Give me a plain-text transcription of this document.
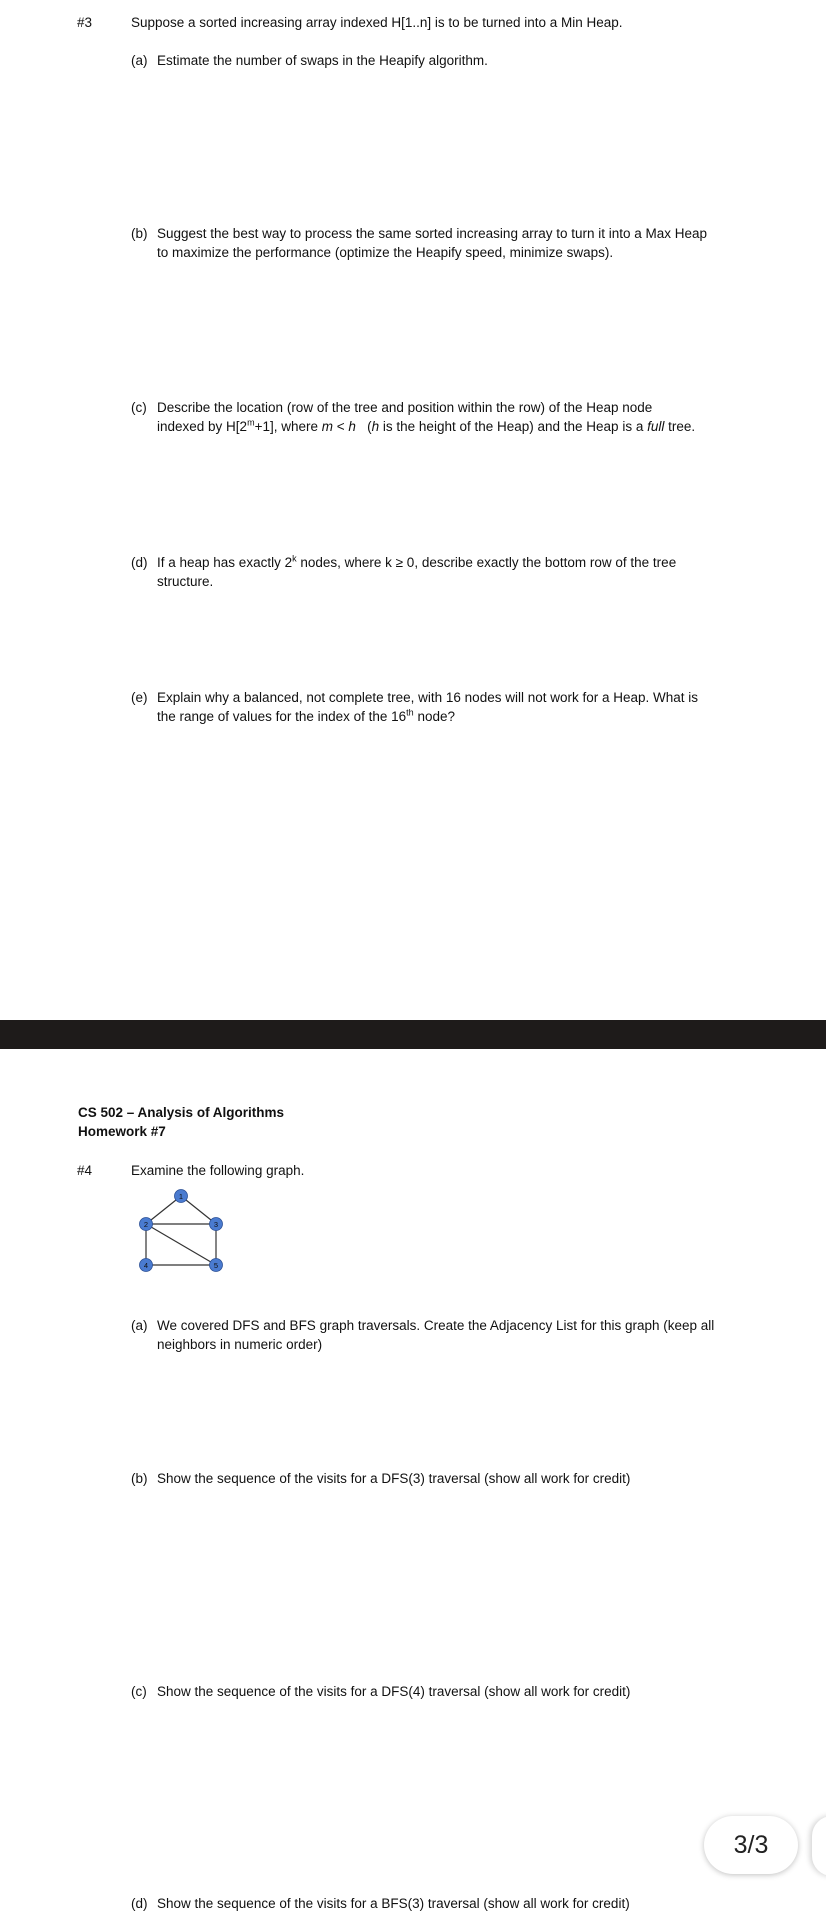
#3	Suppose a sorted increasing array indexed H[1..n] is to be turned into a Min Heap.
(a) Estimate the number of swaps in the Heapify algorithm.
(b) Suggest the best way to process the same sorted increasing array to turn it into a Max Heap
to maximize the performance (optimize the Heapify speed, minimize swaps).
(c) Describe the location (row of the tree and position within the row) of the Heap node
indexed by $H[2^m+1]$, where m < h   (h is the height of the Heap) and the Heap is a full tree.
(d) If a heap has exactly 2$^k$ nodes, where k ≥ 0, describe exactly the bottom row of the tree
structure.
(e) Explain why a balanced, not complete tree, with 16 nodes will not work for a Heap. What is
the range of values for the index of the 16th node?
CS 502 – Analysis of Algorithms
Homework #7
#4	Examine the following graph.
1
2	3
4	5
(a) We covered DFS and BFS graph traversals. Create the Adjacency List for this graph (keep all
neighbors in numeric order)
(b) Show the sequence of the visits for a DFS(3) traversal (show all work for credit)
(c) Show the sequence of the visits for a DFS(4) traversal (show all work for credit)
(d) Show the sequence of the visits for a BFS(3) traversal (show all work for credit)
3/3
